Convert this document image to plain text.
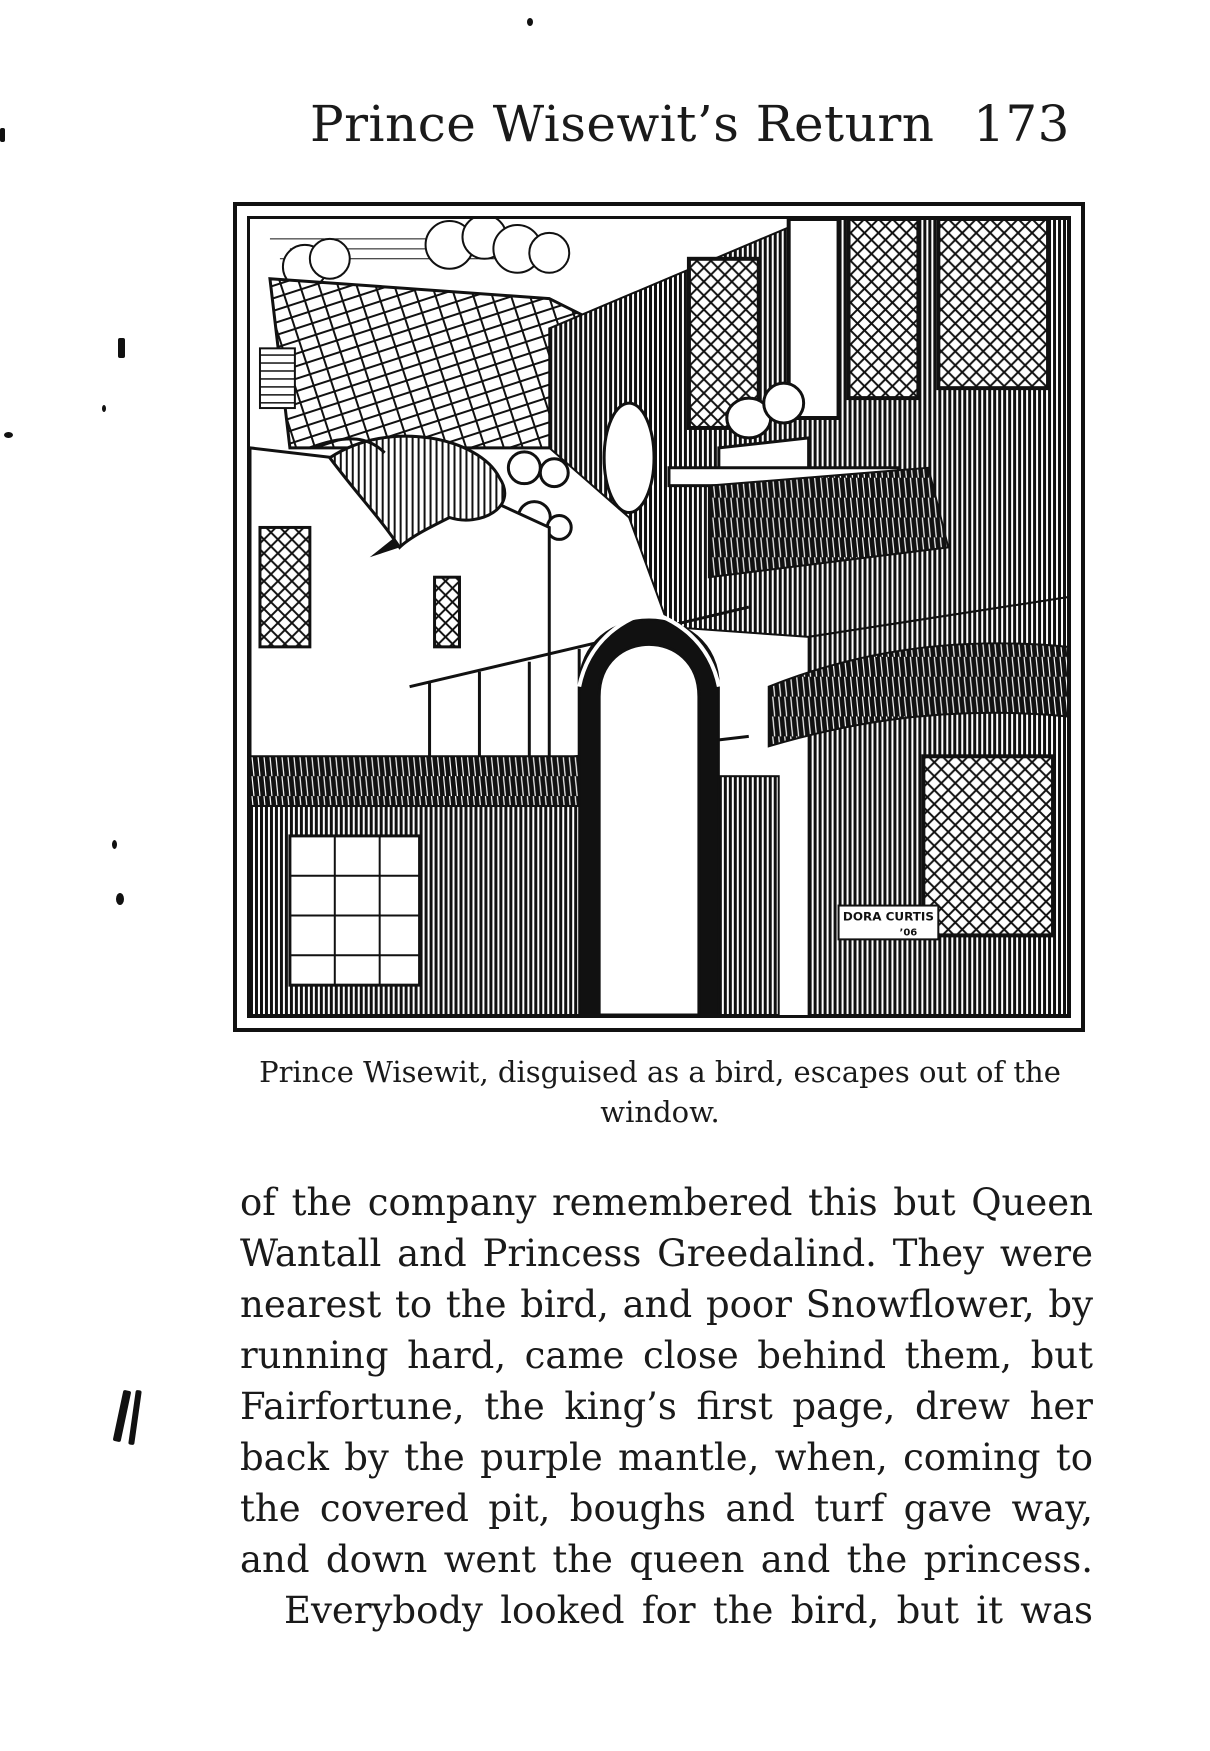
Prince Wisewit’s Return 173
DORA CURTIS
’06
Prince Wisewit, disguised as a bird, escapes out of the window.
of the company remembered this but Queen
Wantall and Princess Greedalind. They were
nearest to the bird, and poor Snowflower, by
running hard, came close behind them, but
Fairfortune, the king’s first page, drew her
back by the purple mantle, when, coming to
the covered pit, boughs and turf gave way,
and down went the queen and the princess.
Everybody looked for the bird, but it was
